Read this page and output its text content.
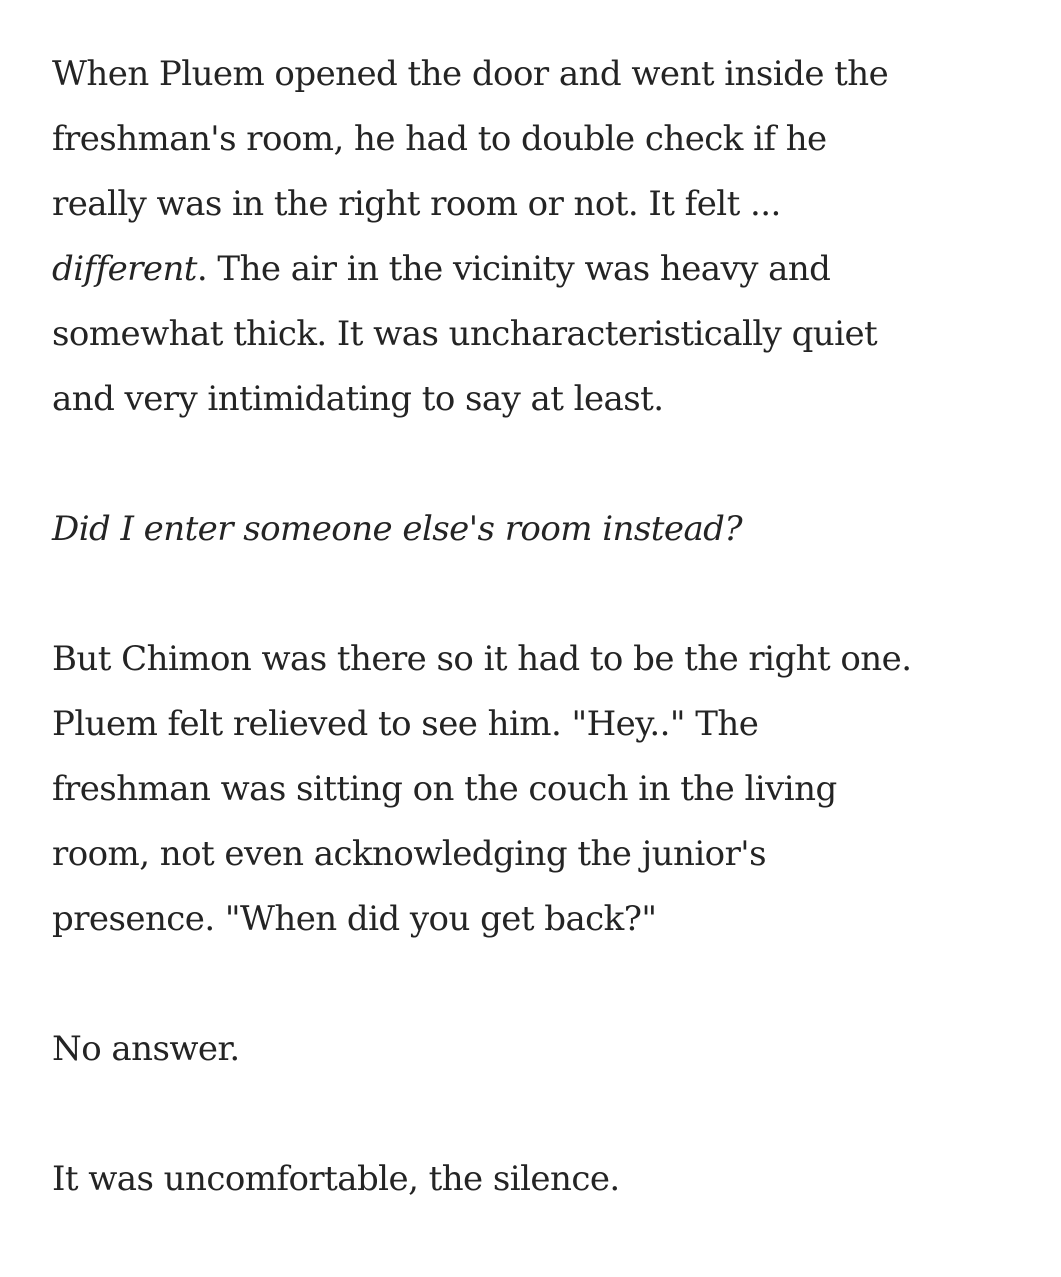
When Pluem opened the door and went inside the
freshman's room, he had to double check if he
really was in the right room or not. It felt ...
different. The air in the vicinity was heavy and
somewhat thick. It was uncharacteristically quiet
and very intimidating to say at least.

Did I enter someone else's room instead?

But Chimon was there so it had to be the right one.
Pluem felt relieved to see him. "Hey.." The
freshman was sitting on the couch in the living
room, not even acknowledging the junior's
presence. "When did you get back?"

No answer.

It was uncomfortable, the silence.
